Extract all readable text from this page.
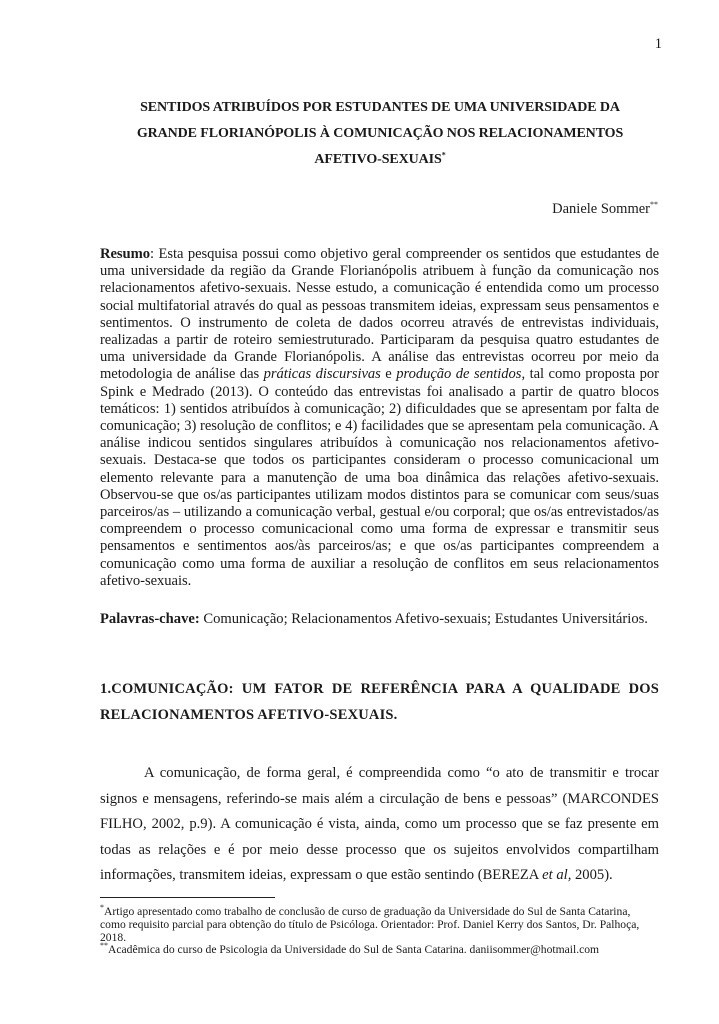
1
SENTIDOS ATRIBUÍDOS POR ESTUDANTES DE UMA UNIVERSIDADE DA
GRANDE FLORIANÓPOLIS À COMUNICAÇÃO NOS RELACIONAMENTOS
AFETIVO-SEXUAIS*
Daniele Sommer**

Resumo: Esta pesquisa possui como objetivo geral compreender os sentidos que estudantes de uma universidade da região da Grande Florianópolis atribuem à função da comunicação nos relacionamentos afetivo-sexuais. Nesse estudo, a comunicação é entendida como um processo social multifatorial através do qual as pessoas transmitem ideias, expressam seus pensamentos e sentimentos. O instrumento de coleta de dados ocorreu através de entrevistas individuais, realizadas a partir de roteiro semiestruturado. Participaram da pesquisa quatro estudantes de uma universidade da Grande Florianópolis. A análise das entrevistas ocorreu por meio da metodologia de análise das práticas discursivas e produção de sentidos, tal como proposta por Spink e Medrado (2013). O conteúdo das entrevistas foi analisado a partir de quatro blocos temáticos: 1) sentidos atribuídos à comunicação; 2) dificuldades que se apresentam por falta de comunicação; 3) resolução de conflitos; e 4) facilidades que se apresentam pela comunicação. A análise indicou sentidos singulares atribuídos à comunicação nos relacionamentos afetivo-sexuais. Destaca-se que todos os participantes consideram o processo comunicacional um elemento relevante para a manutenção de uma boa dinâmica das relações afetivo-sexuais. Observou-se que os/as participantes utilizam modos distintos para se comunicar com seus/suas parceiros/as – utilizando a comunicação verbal, gestual e/ou corporal; que os/as entrevistados/as compreendem o processo comunicacional como uma forma de expressar e transmitir seus pensamentos e sentimentos aos/às parceiros/as; e que os/as participantes compreendem a comunicação como uma forma de auxiliar a resolução de conflitos em seus relacionamentos afetivo-sexuais.

Palavras-chave: Comunicação; Relacionamentos Afetivo-sexuais; Estudantes Universitários.

1.COMUNICAÇÃO: UM FATOR DE REFERÊNCIA PARA A QUALIDADE DOS RELACIONAMENTOS AFETIVO-SEXUAIS.

A comunicação, de forma geral, é compreendida como “o ato de transmitir e trocar signos e mensagens, referindo-se mais além a circulação de bens e pessoas” (MARCONDES FILHO, 2002, p.9). A comunicação é vista, ainda, como um processo que se faz presente em todas as relações e é por meio desse processo que os sujeitos envolvidos compartilham informações, transmitem ideias, expressam o que estão sentindo (BEREZA et al, 2005).

*Artigo apresentado como trabalho de conclusão de curso de graduação da Universidade do Sul de Santa Catarina, como requisito parcial para obtenção do título de Psicóloga. Orientador: Prof. Daniel Kerry dos Santos, Dr. Palhoça, 2018.

**Acadêmica do curso de Psicologia da Universidade do Sul de Santa Catarina. daniisommer@hotmail.com
